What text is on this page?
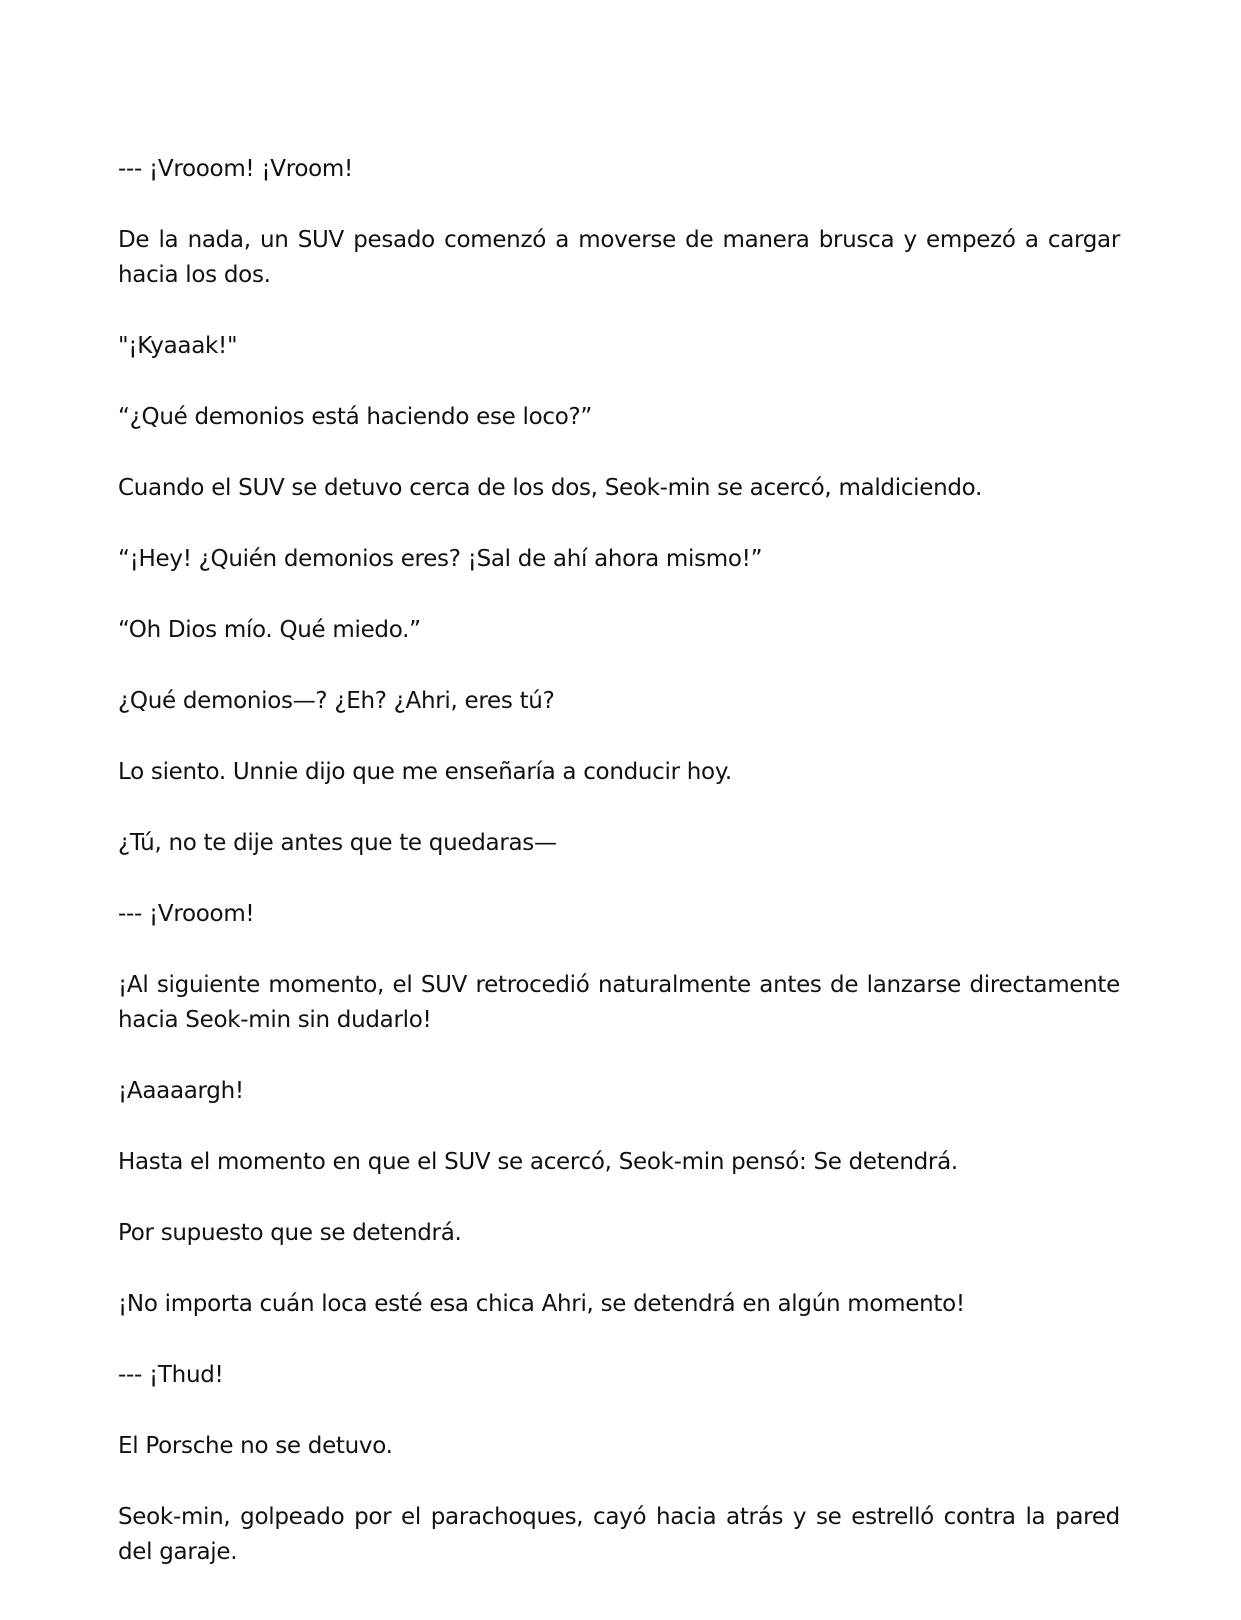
--- ¡Vrooom! ¡Vroom!

De la nada, un SUV pesado comenzó a moverse de manera brusca y empezó a cargar hacia los dos.

"¡Kyaaak!"

“¿Qué demonios está haciendo ese loco?”

Cuando el SUV se detuvo cerca de los dos, Seok-min se acercó, maldiciendo.

“¡Hey! ¿Quién demonios eres? ¡Sal de ahí ahora mismo!”

“Oh Dios mío. Qué miedo.”

¿Qué demonios—? ¿Eh? ¿Ahri, eres tú?

Lo siento. Unnie dijo que me enseñaría a conducir hoy.

¿Tú, no te dije antes que te quedaras—

--- ¡Vrooom!

¡Al siguiente momento, el SUV retrocedió naturalmente antes de lanzarse directamente hacia Seok-min sin dudarlo!

¡Aaaaargh!

Hasta el momento en que el SUV se acercó, Seok-min pensó: Se detendrá.

Por supuesto que se detendrá.

¡No importa cuán loca esté esa chica Ahri, se detendrá en algún momento!

--- ¡Thud!

El Porsche no se detuvo.

Seok-min, golpeado por el parachoques, cayó hacia atrás y se estrelló contra la pared del garaje.
